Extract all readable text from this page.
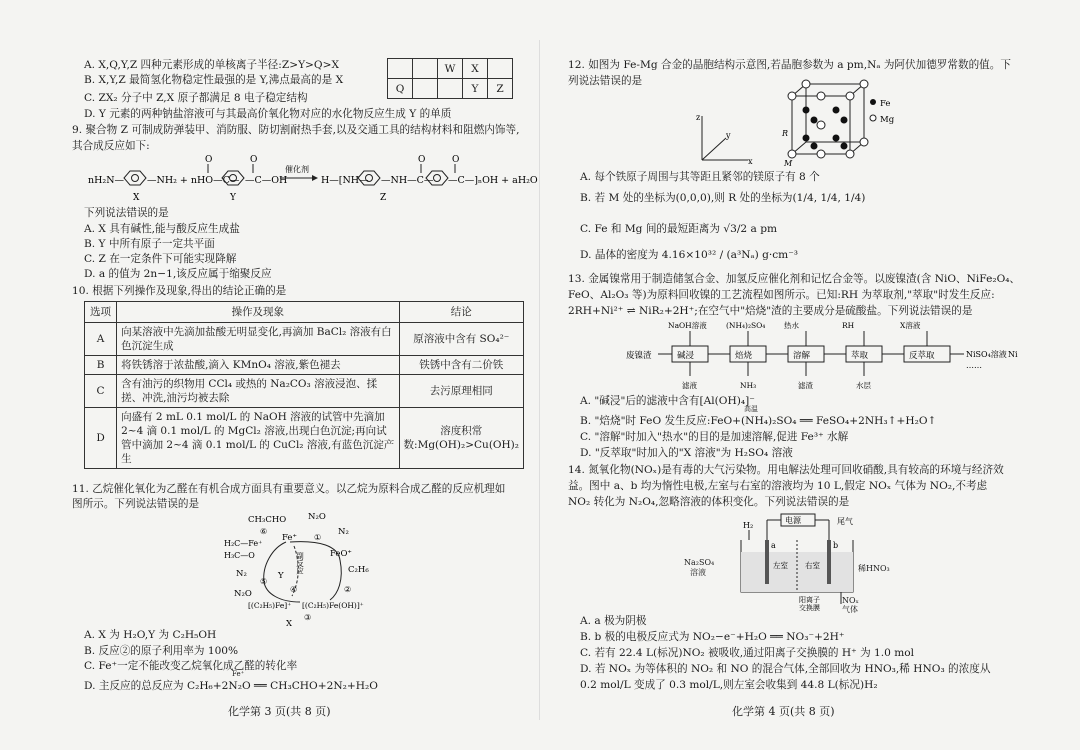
A. X,Q,Y,Z 四种元素形成的单核离子半径:Z>Y>Q>X
B. X,Y,Z 最简氢化物稳定性最强的是 Y,沸点最高的是 X
C. ZX₂ 分子中 Z,X 原子都满足 8 电子稳定结构
D. Y 元素的两种钠盐溶液可与其最高价氧化物对应的水化物反应生成 Y 的单质
		W	X	
Q			Y	Z
9. 聚合物 Z 可制成防弹装甲、消防服、防切割耐热手套,以及交通工具的结构材料和阻燃内饰等,
其合成反应如下:
nH₂N—
X
—NH₂ + nHO—C—
O
Y
—C—OH
O
催化剂
H—[NH— —NH—C—
Z
O
—C—]ₙOH + aH₂O
O
下列说法错误的是
A. X 具有碱性,能与酸反应生成盐
B. Y 中所有原子一定共平面
C. Z 在一定条件下可能实现降解
D. a 的值为 2n−1,该反应属于缩聚反应
10. 根据下列操作及现象,得出的结论正确的是
选项	操作及现象	结论
A	向某溶液中先滴加盐酸无明显变化,再滴加 BaCl₂ 溶液有白色沉淀生成	原溶液中含有 SO₄²⁻
B	将铁锈溶于浓盐酸,滴入 KMnO₄ 溶液,紫色褪去	铁锈中含有二价铁
C	含有油污的织物用 CCl₄ 或热的 Na₂CO₃ 溶液浸泡、揉搓、冲洗,油污均被去除	去污原理相同
D	向盛有 2 mL 0.1 mol/L 的 NaOH 溶液的试管中先滴加 2~4 滴 0.1 mol/L 的 MgCl₂ 溶液,出现白色沉淀;再向试管中滴加 2~4 滴 0.1 mol/L 的 CuCl₂ 溶液,有蓝色沉淀产生	溶度积常数:Mg(OH)₂>Cu(OH)₂
11. 乙烷催化氧化为乙醛在有机合成方面具有重要意义。以乙烷为原料合成乙醛的反应机理如
图所示。下列说法错误的是
CH₃CHO	N₂O
N₂
Fe⁺
FeO⁺
C₂H₆
H₂C—Fe⁺
H₃C—O
N₂
N₂O
[(C₂H₅)Fe]⁺ [(C₂H₅)Fe(OH)]⁺
X
Y
副反应
①
②
③
④
⑤
⑥
A. X 为 H₂O,Y 为 C₂H₅OH
B. 反应②的原子利用率为 100%
C. Fe⁺一定不能改变乙烷氧化成乙醛的转化率
Fe⁺
D. 主反应的总反应为 C₂H₆+2N₂O ══ CH₃CHO+2N₂+H₂O
化学第 3 页(共 8 页)
12. 如图为 Fe-Mg 合金的晶胞结构示意图,若晶胞参数为 a pm,Nₐ 为阿伏加德罗常数的值。下
列说法错误的是
z
x
y	R
M
Fe
Mg
A. 每个铁原子周围与其等距且紧邻的镁原子有 8 个
B. 若 M 处的坐标为(0,0,0),则 R 处的坐标为(1/4, 1/4, 1/4)
C. Fe 和 Mg 间的最短距离为 √3/2 a pm
D. 晶体的密度为 4.16×10³² / (a³Nₐ) g·cm⁻³
13. 金属镍常用于制造储氢合金、加氢反应催化剂和记忆合金等。以废镍渣(含 NiO、NiFe₂O₄、
FeO、Al₂O₃ 等)为原料回收镍的工艺流程如图所示。已知:RH 为萃取剂,"萃取"时发生反应:
2RH+Ni²⁺ ⇌ NiR₂+2H⁺;在空气中"焙烧"渣的主要成分是硫酸盐。下列说法错误的是
废镍渣	碱浸
NaOH溶液
焙烧
(NH₄)₂SO₄
溶解
热水
萃取
RH
反萃取
X溶液
滤液	NH₃	滤渣	水层
NiSO₄溶液
……
Ni
A. "碱浸"后的滤液中含有[Al(OH)₄]⁻
高温
B. "焙烧"时 FeO 发生反应:FeO+(NH₄)₂SO₄ ══ FeSO₄+2NH₃↑+H₂O↑
C. "溶解"时加入"热水"的目的是加速溶解,促进 Fe³⁺ 水解
D. "反萃取"时加入的"X 溶液"为 H₂SO₄ 溶液
14. 氮氧化物(NOₓ)是有毒的大气污染物。用电解法处理可回收硝酸,具有较高的环境与经济效
益。图中 a、b 均为惰性电极,左室与右室的溶液均为 10 L,假定 NOₓ 气体为 NO₂,不考虑
NO₂ 转化为 N₂O₄,忽略溶液的体积变化。下列说法错误的是
电源	尾气
H₂
a	b
左室 右室
阳离子
交换膜
Na₂SO₄
溶液	稀HNO₃
NOₓ
气体
A. a 极为阴极
B. b 极的电极反应式为 NO₂−e⁻+H₂O ══ NO₃⁻+2H⁺
C. 若有 22.4 L(标况)NO₂ 被吸收,通过阳离子交换膜的 H⁺ 为 1.0 mol
D. 若 NOₓ 为等体积的 NO₂ 和 NO 的混合气体,全部回收为 HNO₃,稀 HNO₃ 的浓度从
0.2 mol/L 变成了 0.3 mol/L,则左室会收集到 44.8 L(标况)H₂
化学第 4 页(共 8 页)
